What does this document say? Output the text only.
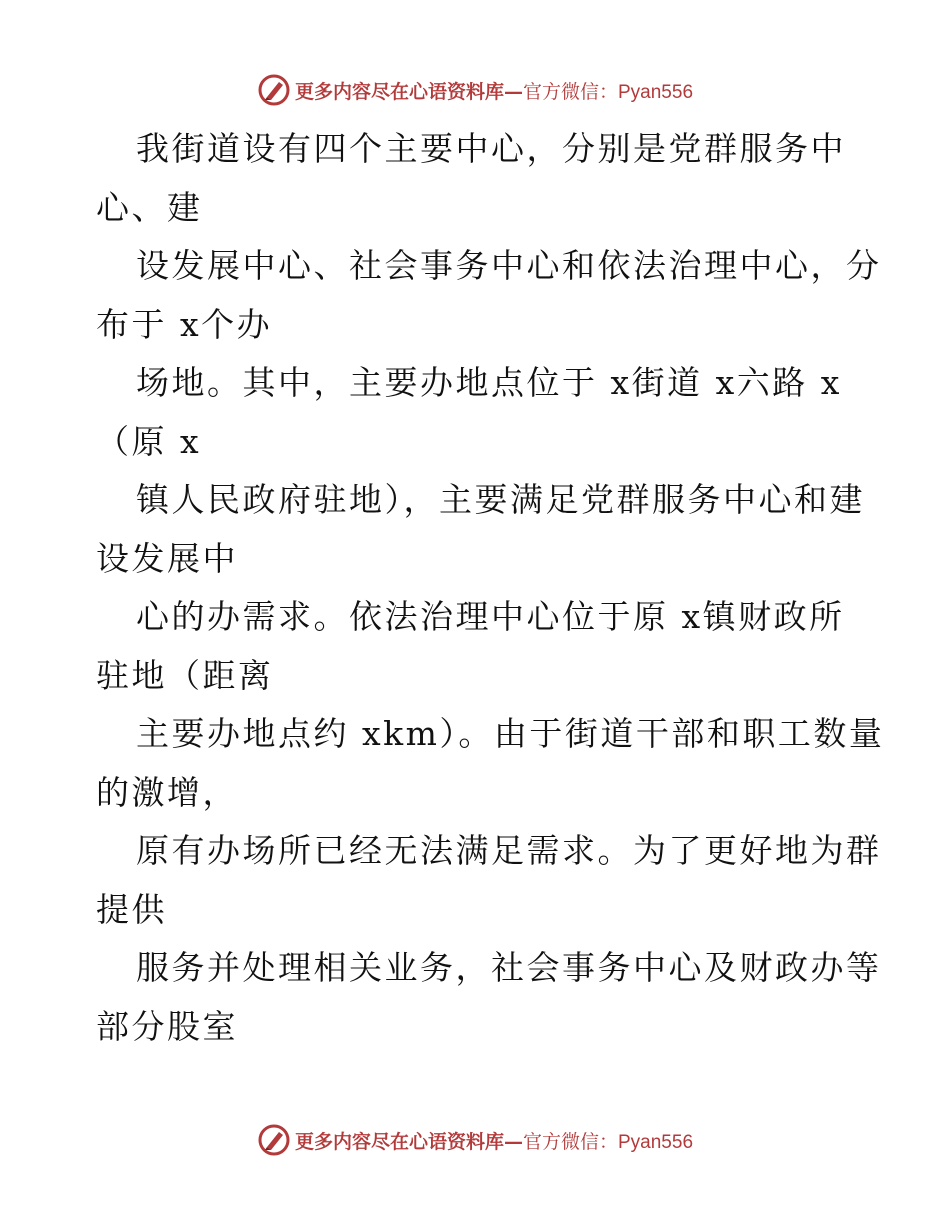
更多内容尽在心语资料库—官方微信：Pyan556

我街道设有四个主要中心，分别是党群服务中

心、建

设发展中心、社会事务中心和依法治理中心，分

布于 x个办

场地。其中，主要办地点位于 x街道 x六路 x

（原 x

镇人民政府驻地），主要满足党群服务中心和建

设发展中

心的办需求。依法治理中心位于原 x镇财政所

驻地（距离

主要办地点约 xkm）。由于街道干部和职工数量

的激增，

原有办场所已经无法满足需求。为了更好地为群

提供

服务并处理相关业务，社会事务中心及财政办等

部分股室

更多内容尽在心语资料库—官方微信：Pyan556
